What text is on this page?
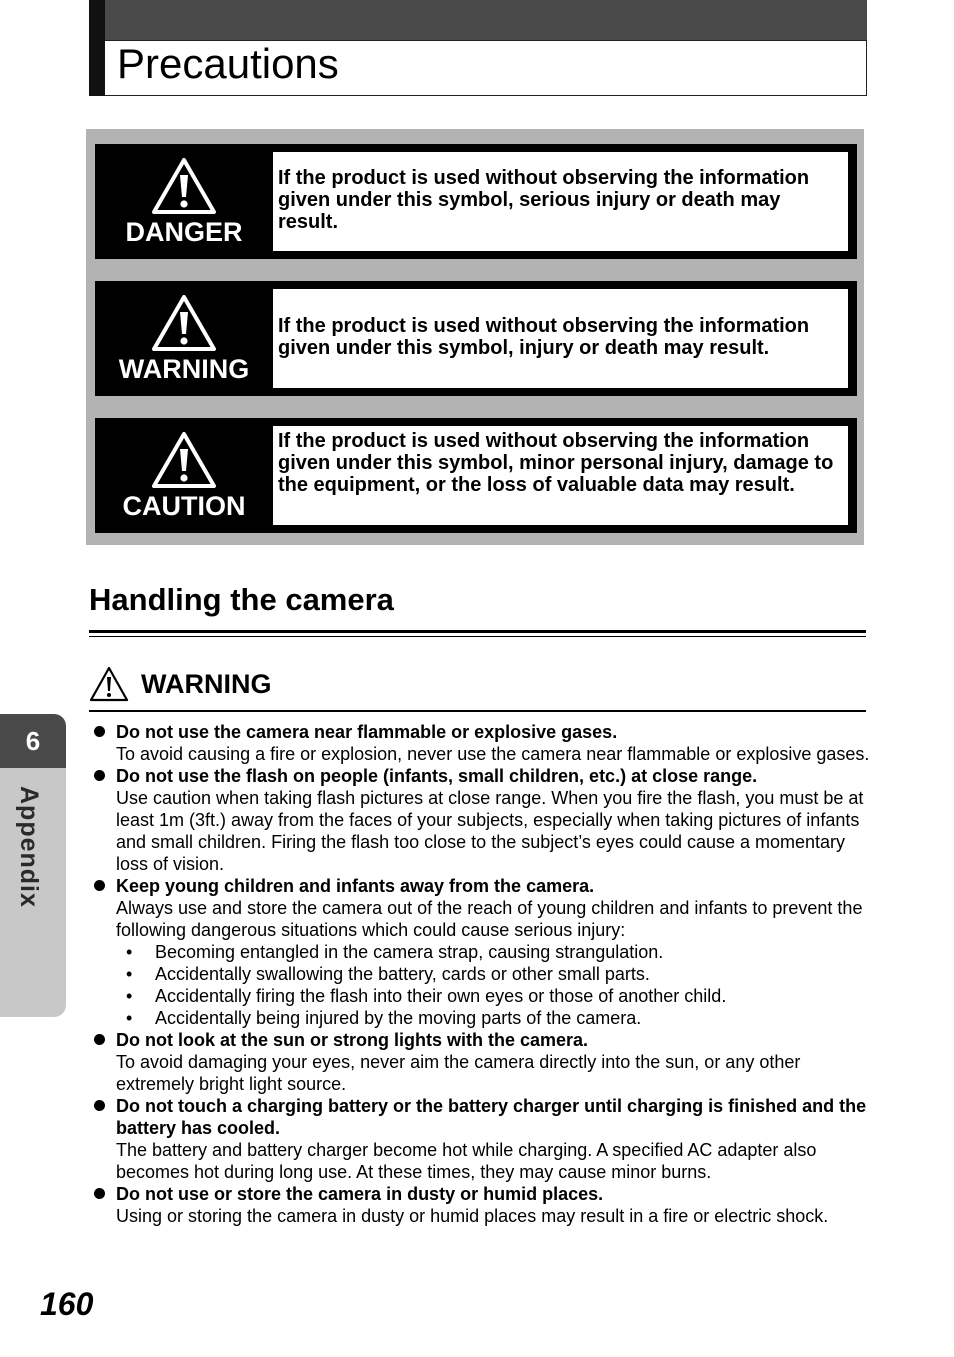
Precautions
DANGER
If the product is used without observing the information given under this symbol, serious injury or death may result.
WARNING
If the product is used without observing the information given under this symbol, injury or death may result.
CAUTION
If the product is used without observing the information given under this symbol, minor personal injury, damage to the equipment, or the loss of valuable data may result.
Handling the camera
WARNING
Do not use the camera near flammable or explosive gases.
To avoid causing a fire or explosion, never use the camera near flammable or explosive gases.
Do not use the flash on people (infants, small children, etc.) at close range.
Use caution when taking flash pictures at close range. When you fire the flash, you must be at least 1m (3ft.) away from the faces of your subjects, especially when taking pictures of infants and small children. Firing the flash too close to the subject’s eyes could cause a momentary loss of vision.
Keep young children and infants away from the camera.
Always use and store the camera out of the reach of young children and infants to prevent the following dangerous situations which could cause serious injury:
• Becoming entangled in the camera strap, causing strangulation.
• Accidentally swallowing the battery, cards or other small parts.
• Accidentally firing the flash into their own eyes or those of another child.
• Accidentally being injured by the moving parts of the camera.
Do not look at the sun or strong lights with the camera.
To avoid damaging your eyes, never aim the camera directly into the sun, or any other extremely bright light source.
Do not touch a charging battery or the battery charger until charging is finished and the battery has cooled.
The battery and battery charger become hot while charging. A specified AC adapter also becomes hot during long use. At these times, they may cause minor burns.
Do not use or store the camera in dusty or humid places.
Using or storing the camera in dusty or humid places may result in a fire or electric shock.
6
Appendix
160
